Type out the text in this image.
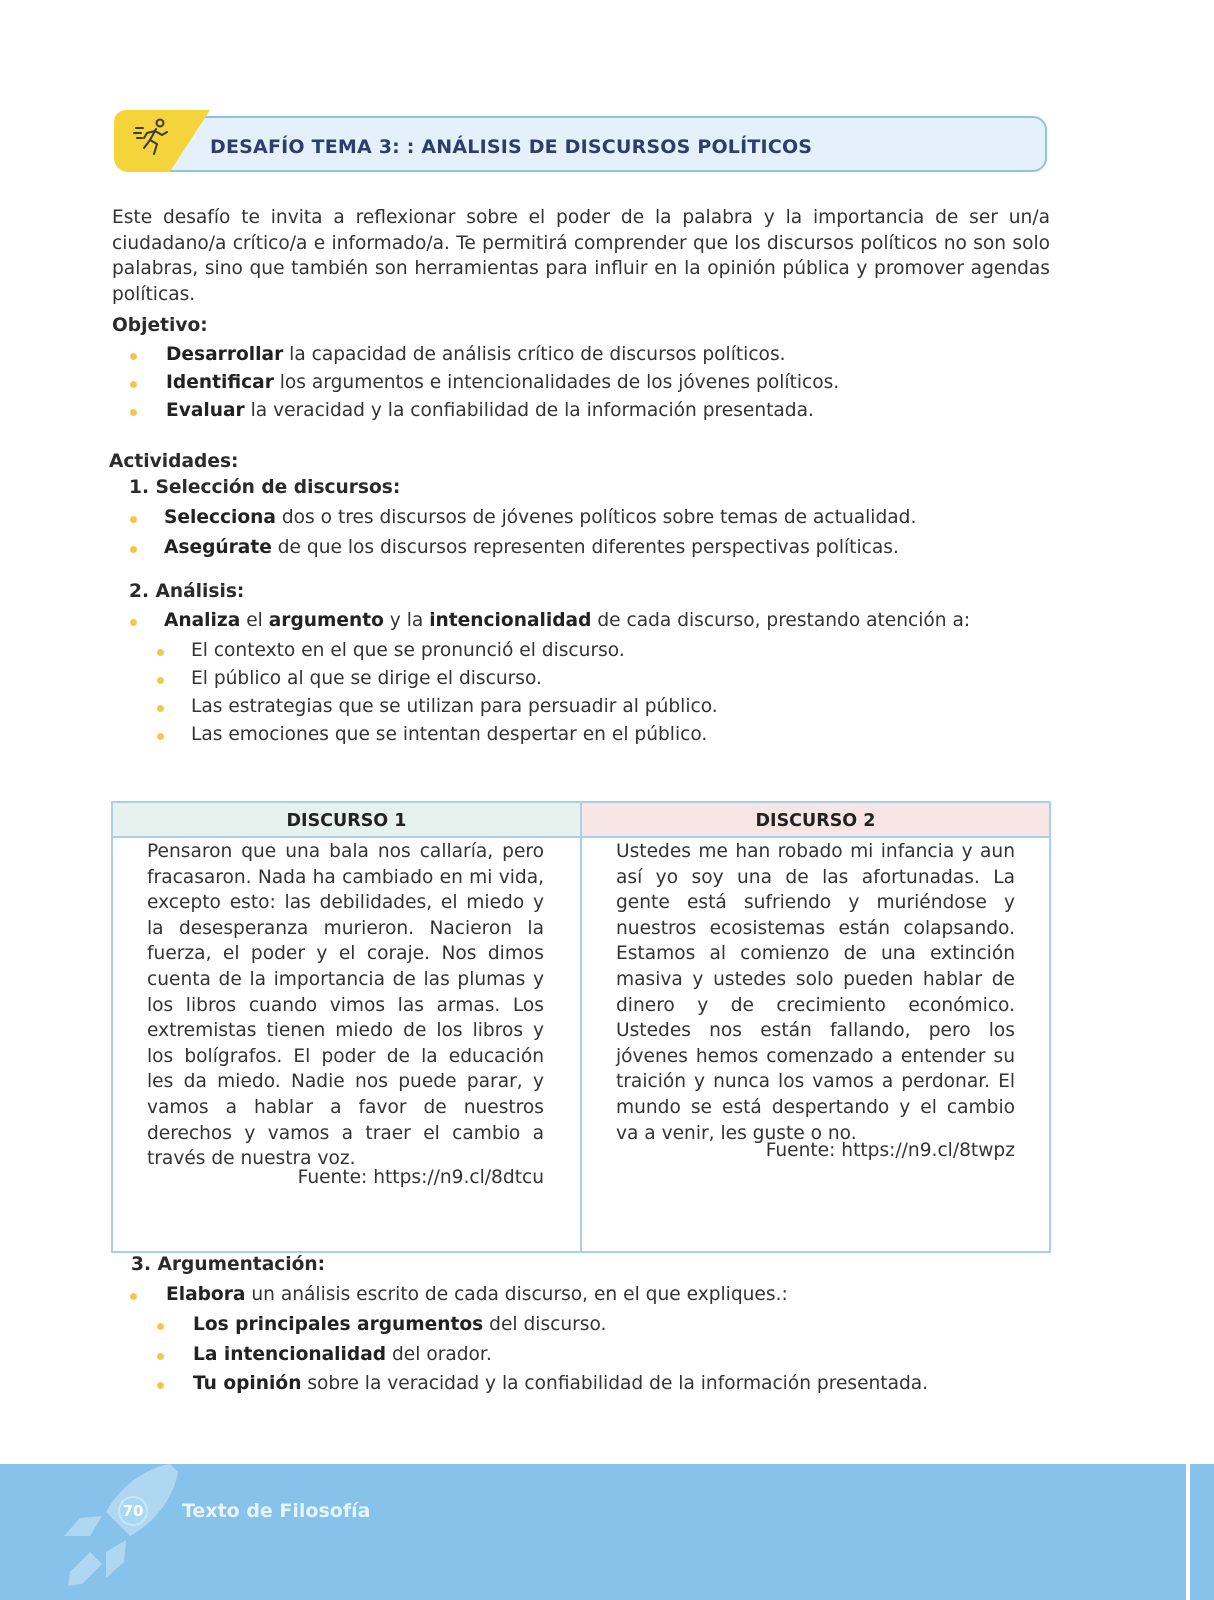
DESAFÍO TEMA 3: : ANÁLISIS DE DISCURSOS POLÍTICOS
Este desafío te invita a reflexionar sobre el poder de la palabra y la importancia de ser un/a ciudadano/a crítico/a e informado/a. Te permitirá comprender que los discursos políticos no son solo palabras, sino que también son herramientas para influir en la opinión pública y promover agendas políticas.
Objetivo:
Desarrollar la capacidad de análisis crítico de discursos políticos.
Identificar los argumentos e intencionalidades de los jóvenes políticos.
Evaluar la veracidad y la confiabilidad de la información presentada.
Actividades:
1. Selección de discursos:
Selecciona dos o tres discursos de jóvenes políticos sobre temas de actualidad.
Asegúrate de que los discursos representen diferentes perspectivas políticas.
2. Análisis:
Analiza el argumento y la intencionalidad de cada discurso, prestando atención a:
El contexto en el que se pronunció el discurso.
El público al que se dirige el discurso.
Las estrategias que se utilizan para persuadir al público.
Las emociones que se intentan despertar en el público.
DISCURSO 1	DISCURSO 2
Pensaron que una bala nos callaría, pero fracasaron. Nada ha cambiado en mi vida, excepto esto: las debilidades, el miedo y la desesperanza murieron. Nacieron la fuerza, el poder y el coraje. Nos dimos cuenta de la importancia de las plumas y los libros cuando vimos las armas. Los extremistas tienen miedo de los libros y los bolígrafos. El poder de la educación les da miedo. Nadie nos puede parar, y vamos a hablar a favor de nuestros derechos y vamos a traer el cambio a través de nuestra voz.
Fuente: https://n9.cl/8dtcu
Ustedes me han robado mi infancia y aun así yo soy una de las afortunadas. La gente está sufriendo y muriéndose y nuestros ecosistemas están colapsando. Estamos al comienzo de una extinción masiva y ustedes solo pueden hablar de dinero y de crecimiento económico. Ustedes nos están fallando, pero los jóvenes hemos comenzado a entender su traición y nunca los vamos a perdonar. El mundo se está despertando y el cambio va a venir, les guste o no.
Fuente: https://n9.cl/8twpz
3. Argumentación:
Elabora un análisis escrito de cada discurso, en el que expliques.:
Los principales argumentos del discurso.
La intencionalidad del orador.
Tu opinión sobre la veracidad y la confiabilidad de la información presentada.
70 Texto de Filosofía
